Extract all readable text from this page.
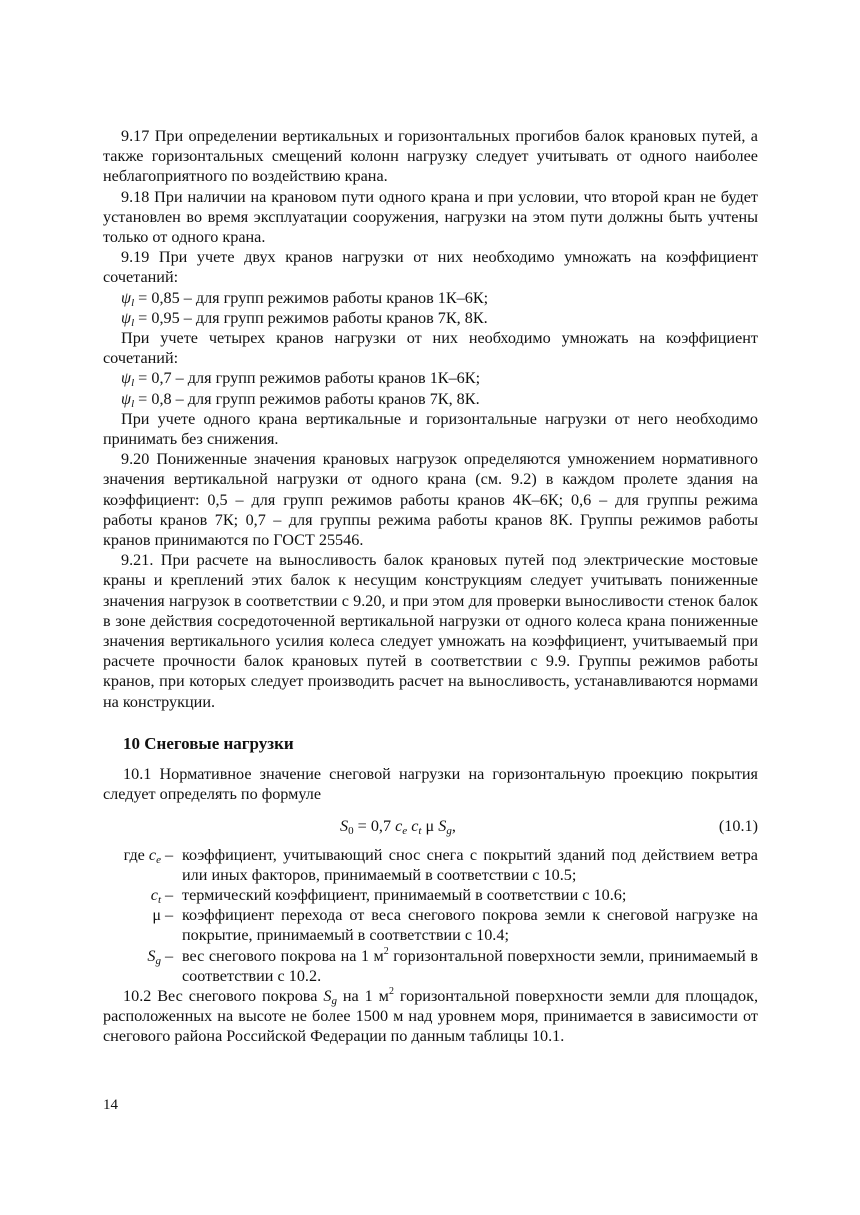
9.17 При определении вертикальных и горизонтальных прогибов балок крановых путей, а также горизонтальных смещений колонн нагрузку следует учитывать от одного наиболее неблагоприятного по воздействию крана.

9.18 При наличии на крановом пути одного крана и при условии, что второй кран не будет установлен во время эксплуатации сооружения, нагрузки на этом пути должны быть учтены только от одного крана.

9.19 При учете двух кранов нагрузки от них необходимо умножать на коэффициент сочетаний:

$\psi_l = 0,85$ – для групп режимов работы кранов 1К–6К;

$\psi_l = 0,95$ – для групп режимов работы кранов 7К, 8К.

При учете четырех кранов нагрузки от них необходимо умножать на коэффициент сочетаний:

$\psi_l = 0,7$ – для групп режимов работы кранов 1К–6К;

$\psi_l = 0,8$ – для групп режимов работы кранов 7К, 8К.

При учете одного крана вертикальные и горизонтальные нагрузки от него необходимо принимать без снижения.

9.20 Пониженные значения крановых нагрузок определяются умножением нормативного значения вертикальной нагрузки от одного крана (см. 9.2) в каждом пролете здания на коэффициент: 0,5 – для групп режимов работы кранов 4К–6К; 0,6 – для группы режима работы кранов 7К; 0,7 – для группы режима работы кранов 8К. Группы режимов работы кранов принимаются по ГОСТ 25546.

9.21. При расчете на выносливость балок крановых путей под электрические мостовые краны и креплений этих балок к несущим конструкциям следует учитывать пониженные значения нагрузок в соответствии с 9.20, и при этом для проверки выносливости стенок балок в зоне действия сосредоточенной вертикальной нагрузки от одного колеса крана пониженные значения вертикального усилия колеса следует умножать на коэффициент, учитываемый при расчете прочности балок крановых путей в соответствии с 9.9. Группы режимов работы кранов, при которых следует производить расчет на выносливость, устанавливаются нормами на конструкции.

10 Снеговые нагрузки

10.1 Нормативное значение снеговой нагрузки на горизонтальную проекцию покрытия следует определять по формуле

$S_0 = 0,7$ $c_e$ $c_t$ μ $S_g$,	(10.1)
где $c_e$ – коэффициент, учитывающий снос снега с покрытий зданий под действием ветра или иных факторов, принимаемый в соответствии с 10.5;
$c_t$ – термический коэффициент, принимаемый в соответствии с 10.6;
μ – коэффициент перехода от веса снегового покрова земли к снеговой нагрузке на покрытие, принимаемый в соответствии с 10.4;
$S_g$ – вес снегового покрова на 1 $м^2$ горизонтальной поверхности земли, принимаемый в соответствии с 10.2.

10.2 Вес снегового покрова $S_g$ на 1 $м^2$ горизонтальной поверхности земли для площадок, расположенных на высоте не более 1500 м над уровнем моря, принимается в зависимости от снегового района Российской Федерации по данным таблицы 10.1.

14
